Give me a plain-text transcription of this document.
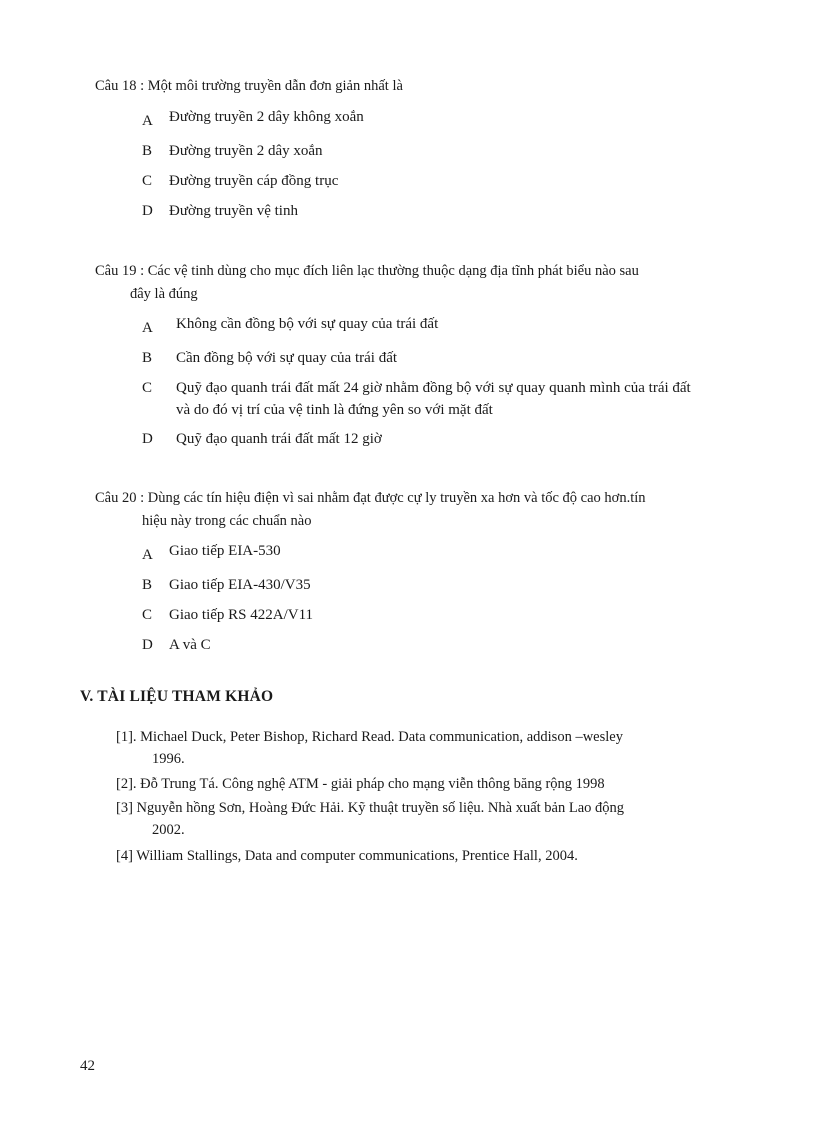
Câu 18 : Một môi trường truyền dẫn đơn giản nhất là
A Đường truyền 2 dây không xoắn
B Đường truyền 2 dây xoắn
C Đường truyền cáp đồng trục
D Đường truyền vệ tinh
Câu 19 : Các vệ tinh dùng cho mục đích liên lạc thường thuộc dạng địa tĩnh phát biểu nào sau
đây là đúng
A Không cần đồng bộ với sự quay của trái đất
B Cần đồng bộ với sự quay của trái đất
C Quỹ đạo quanh trái đất mất 24 giờ nhằm đồng bộ với sự quay quanh mình của trái đất
và do đó vị trí của vệ tinh là đứng yên so với mặt đất
D Quỹ đạo quanh trái đất mất 12 giờ
Câu 20 : Dùng các tín hiệu điện vì sai nhằm đạt được cự ly truyền xa hơn và tốc độ cao hơn.tín
hiệu này trong các chuẩn nào
A Giao tiếp EIA-530
B Giao tiếp EIA-430/V35
C Giao tiếp RS 422A/V11
D A và C
V. TÀI LIỆU THAM KHẢO
[1]. Michael Duck, Peter Bishop, Richard Read. Data communication, addison –wesley
1996.
[2]. Đỗ Trung Tá. Công nghệ ATM - giải pháp cho mạng viễn thông băng rộng 1998
[3] Nguyễn hồng Sơn, Hoàng Đức Hải. Kỹ thuật truyền số liệu. Nhà xuất bản Lao động
2002.
[4] William Stallings, Data and computer communications, Prentice Hall, 2004.
42
